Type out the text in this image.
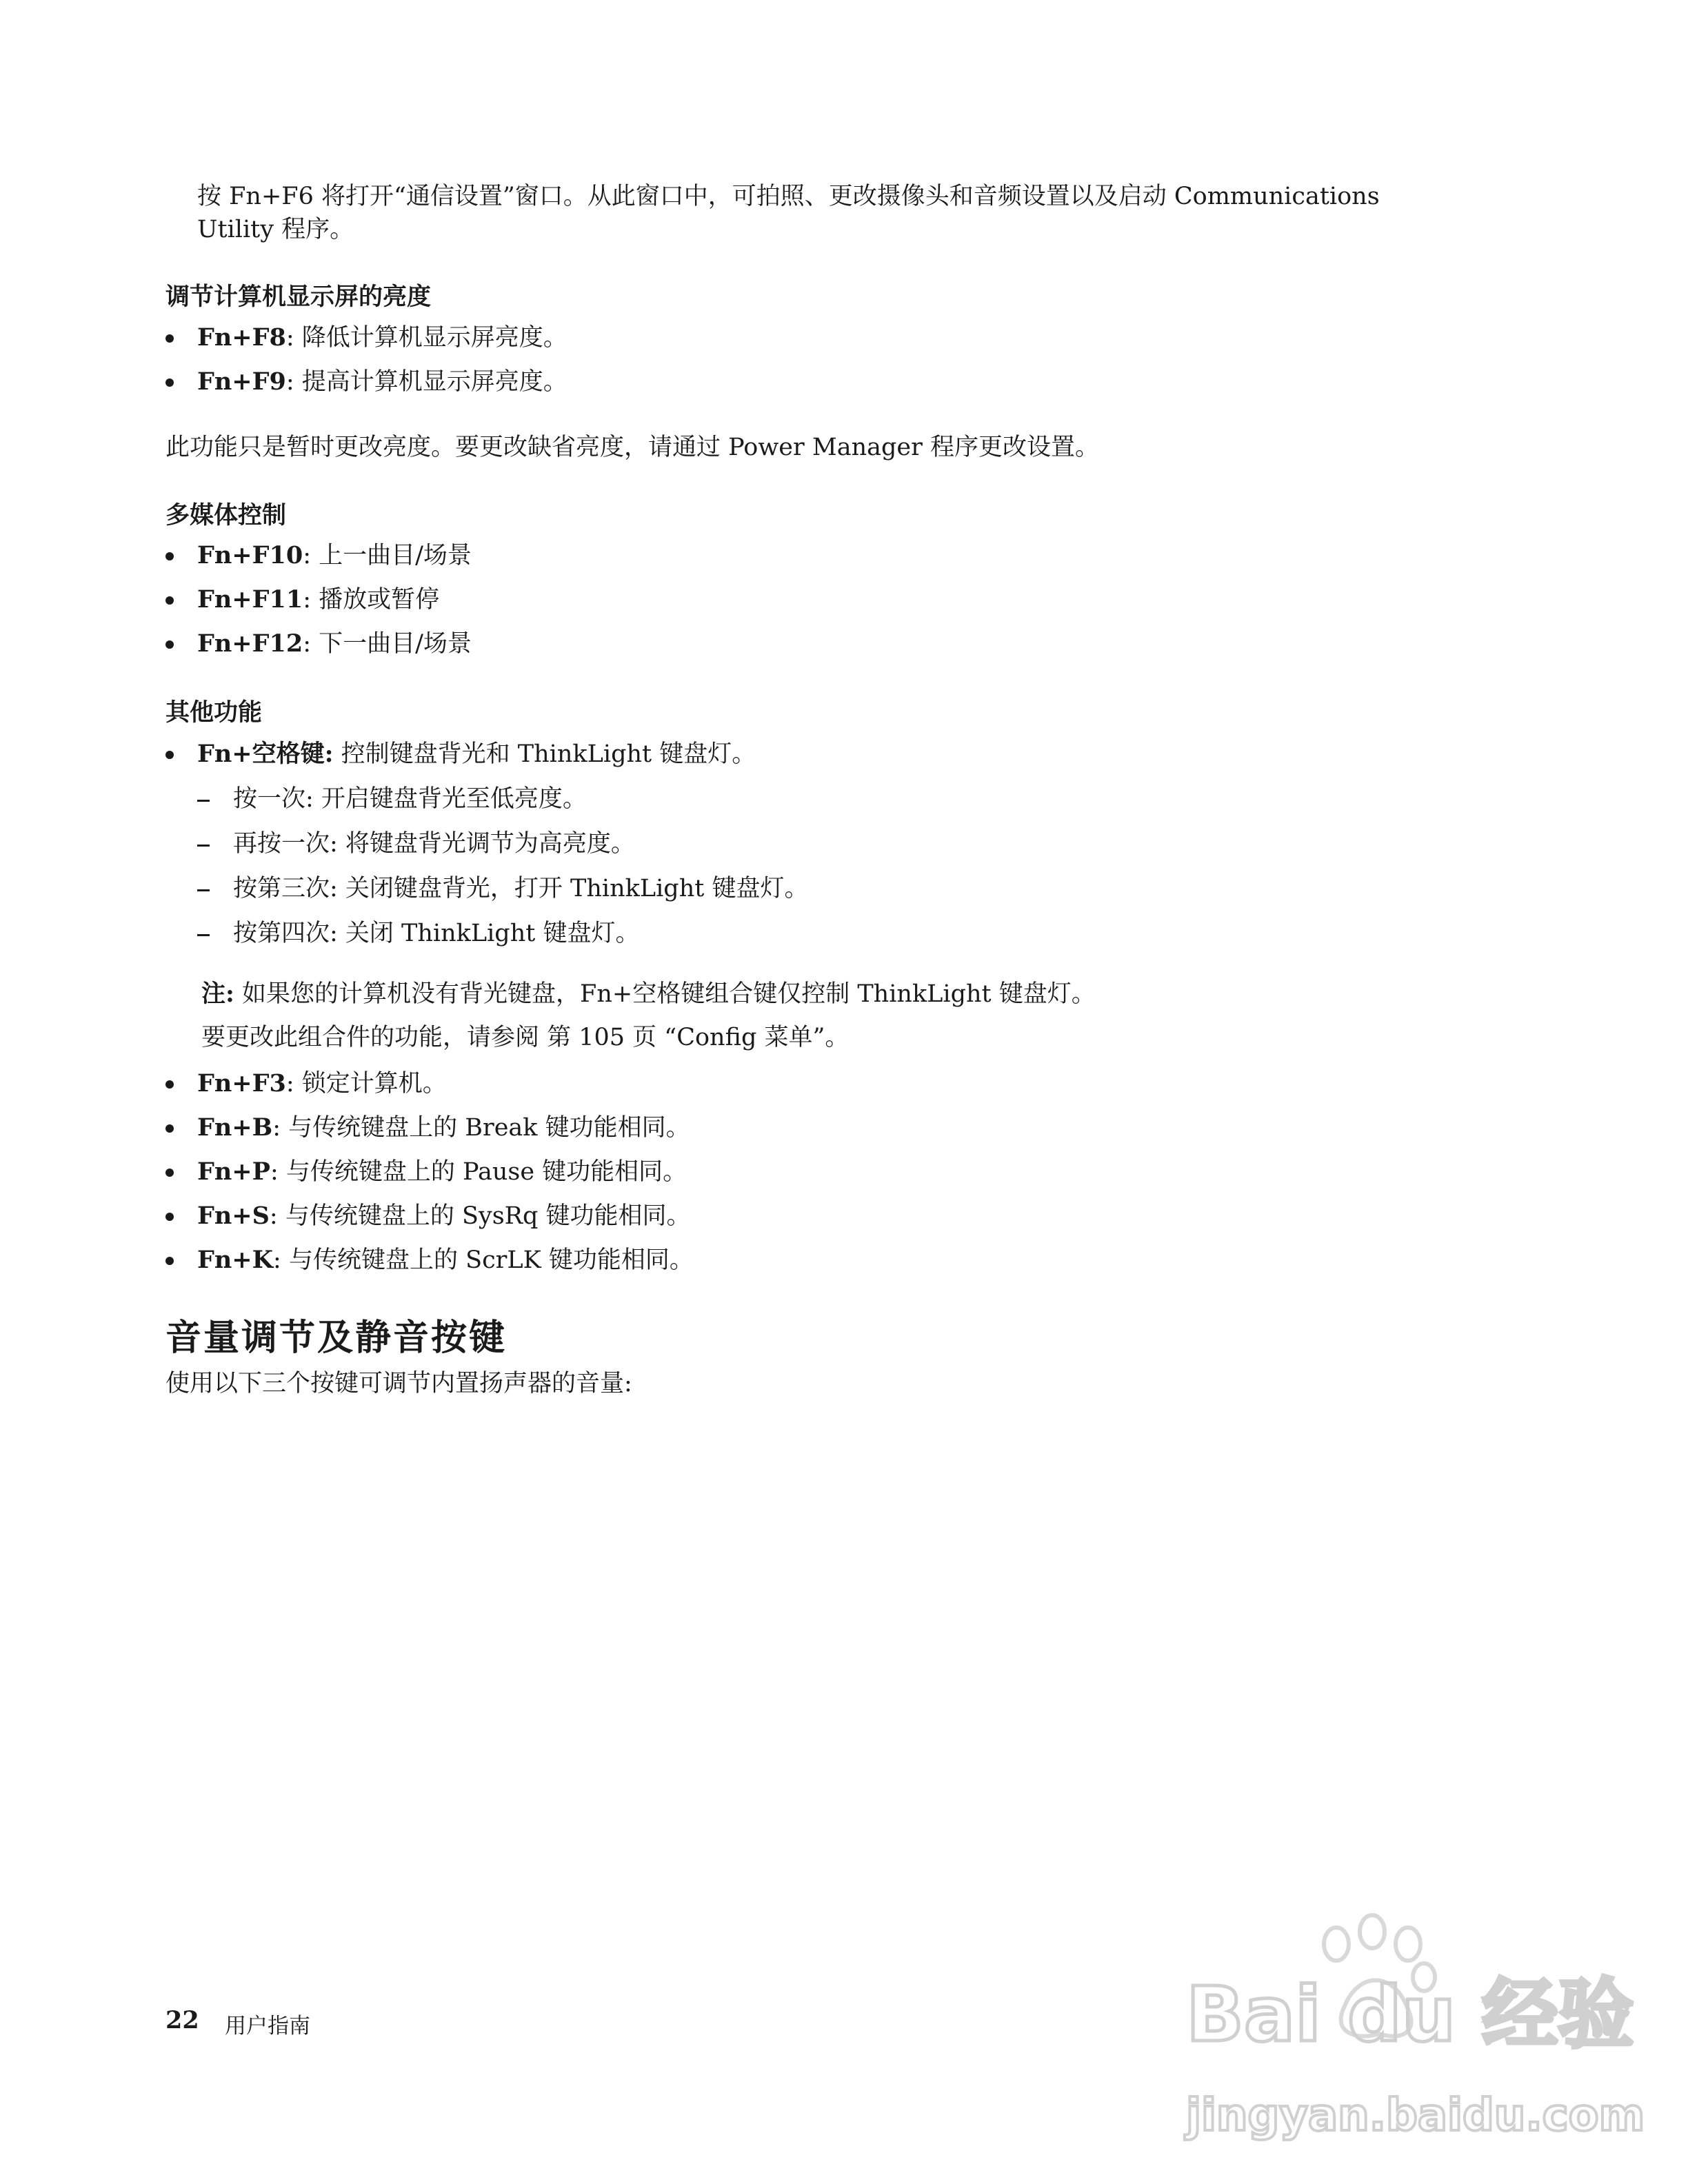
按 Fn+F6 将打开“通信设置”窗口。从此窗口中，可拍照、更改摄像头和音频设置以及启动 Communications
Utility 程序。
调节计算机显示屏的亮度
Fn+F8: 降低计算机显示屏亮度。
Fn+F9: 提高计算机显示屏亮度。
此功能只是暂时更改亮度。要更改缺省亮度，请通过 Power Manager 程序更改设置。
多媒体控制
Fn+F10: 上一曲目/场景
Fn+F11: 播放或暂停
Fn+F12: 下一曲目/场景
其他功能
Fn+空格键: 控制键盘背光和 ThinkLight 键盘灯。
按一次: 开启键盘背光至低亮度。
再按一次: 将键盘背光调节为高亮度。
按第三次: 关闭键盘背光，打开 ThinkLight 键盘灯。
按第四次: 关闭 ThinkLight 键盘灯。
注: 如果您的计算机没有背光键盘，Fn+空格键组合键仅控制 ThinkLight 键盘灯。
要更改此组合件的功能，请参阅 第 105 页 “Config 菜单”。
Fn+F3: 锁定计算机。
Fn+B: 与传统键盘上的 Break 键功能相同。
Fn+P: 与传统键盘上的 Pause 键功能相同。
Fn+S: 与传统键盘上的 SysRq 键功能相同。
Fn+K: 与传统键盘上的 ScrLK 键功能相同。
音量调节及静音按键
使用以下三个按键可调节内置扬声器的音量:
22 用户指南	Bai du 经验
jingyan.baidu.com
